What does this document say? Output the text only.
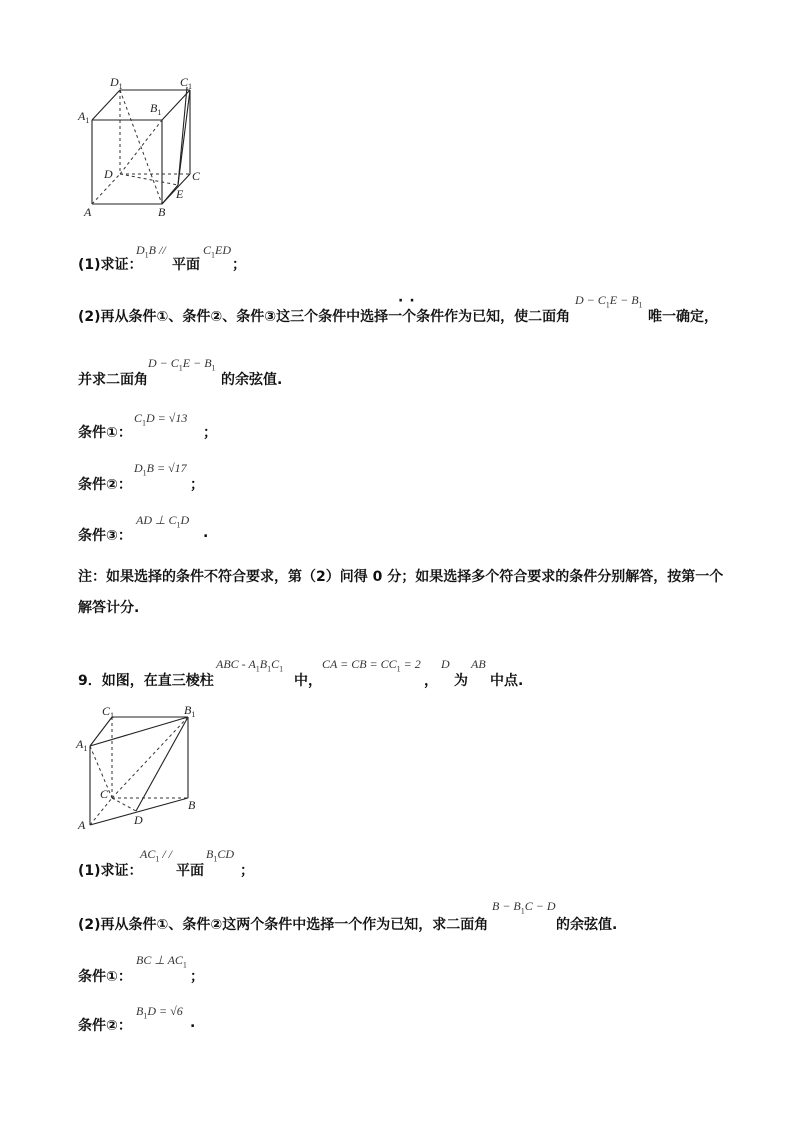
$D_1$	$C_1$
$A_1$
$B_1$
D	C
E
A	B
(1)求证：
$D_1B$ //
平面
$C_1ED$
；
··
(2)再从条件①、条件②、条件③这三个条件中选择一个条件作为已知，使二面角
$D - C_1E - B_1$
唯一确定，
并求二面角
$D - C_1E - B_1$
的余弦值.
条件①：
$C_1D = √13$
；
条件②：
$D_1B = √17$
；
条件③：
AD ⊥ $C_1D$
.
注：如果选择的条件不符合要求，第（2）问得 0 分；如果选择多个符合要求的条件分别解答，按第一个
解答计分.
9．如图，在直三棱柱
ABC - $A_1B_1C_1$
中，
CA = CB = $CC_1 = 2$
，
D
为
AB
中点.
$C_1$	$B_1$
$A_1$
C
B
A	D
(1)求证：
$AC_1$ / /
平面
$B_1CD$
；
(2)再从条件①、条件②这两个条件中选择一个作为已知，求二面角
$B - B_1C - D$
的余弦值.
条件①：
BC ⊥ $AC_1$
；
条件②：
$B_1D = √6$
.
